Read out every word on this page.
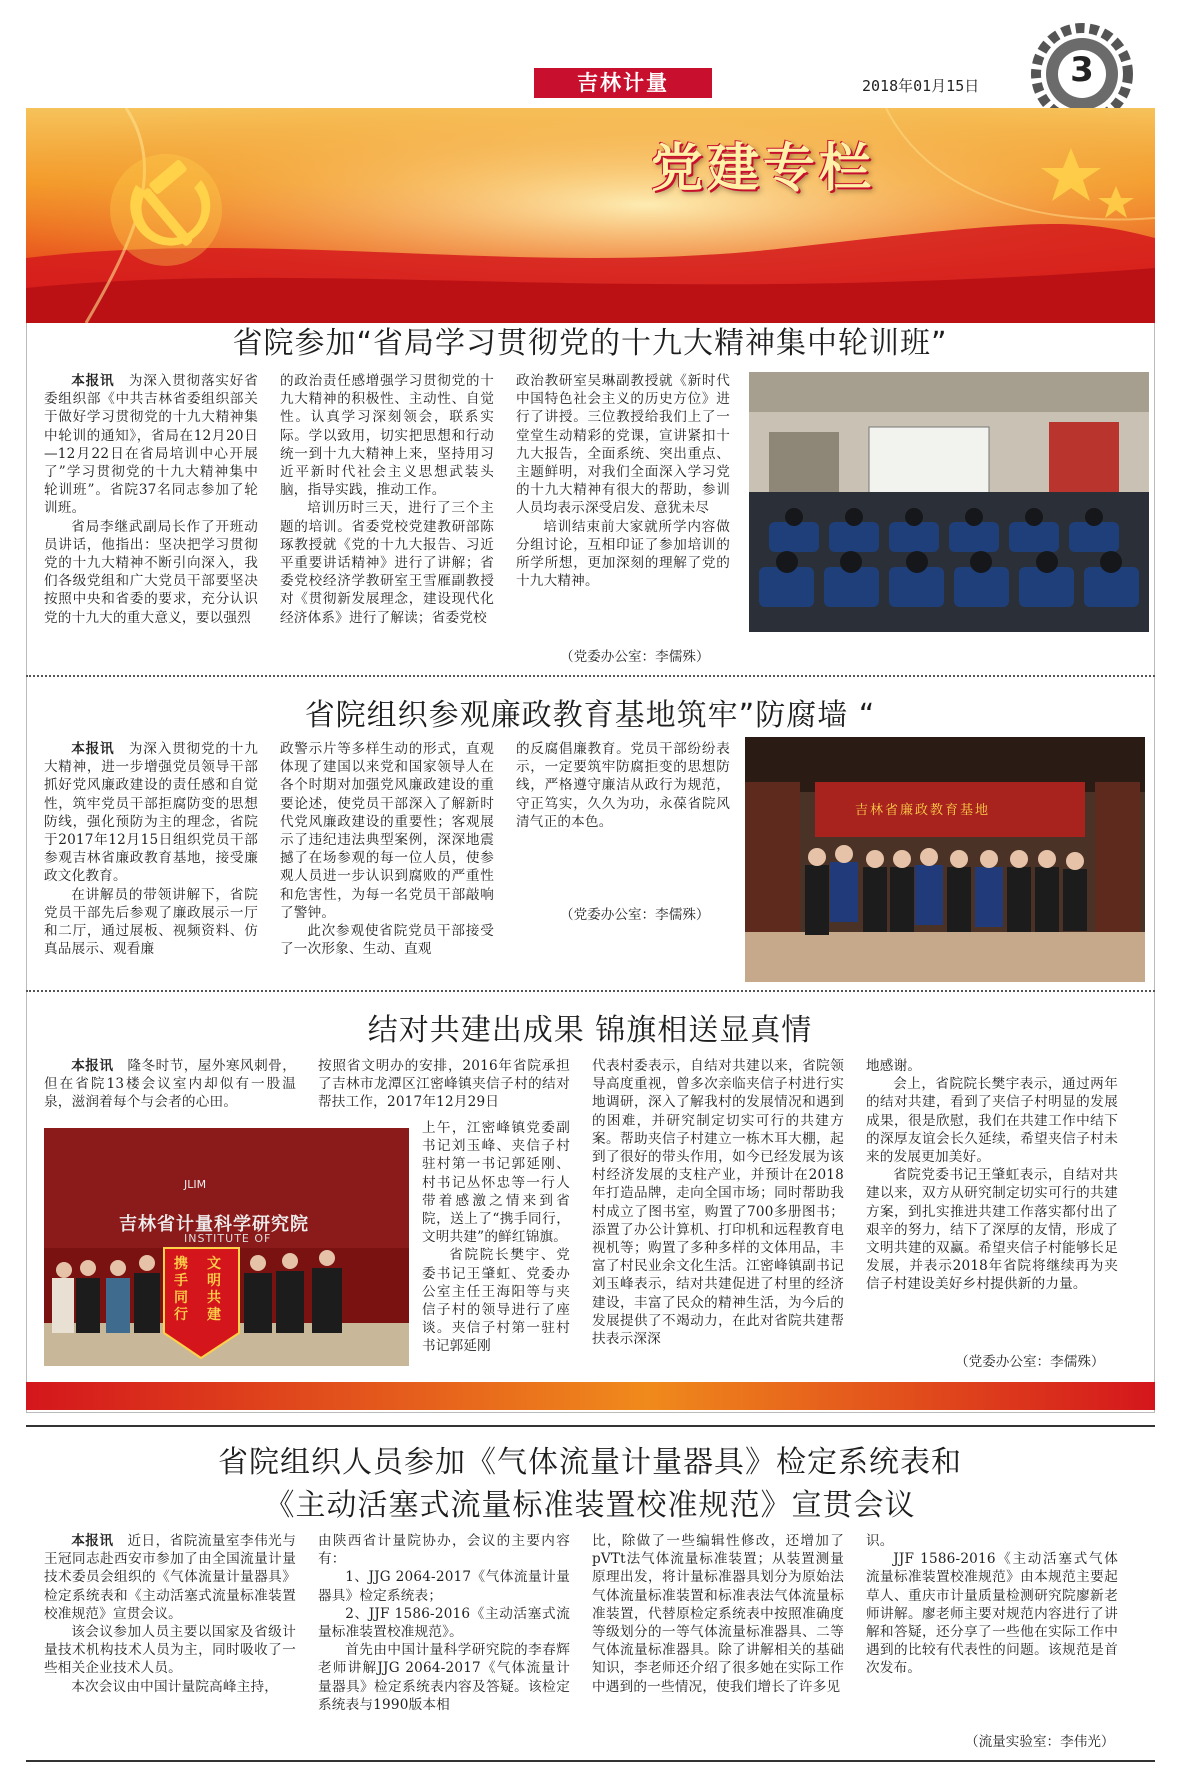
吉林计量	2018年01月15日	3
党建专栏
省院参加“省局学习贯彻党的十九大精神集中轮训班”

本报讯　 为深入贯彻落实好省委组织部《中共吉林省委组织部关于做好学习贯彻党的十九大精神集中轮训的通知》，省局在12月20日—12月22日在省局培训中心开展了”学习贯彻党的十九大精神集中轮训班”。省院37名同志参加了轮训班。

省局李继武副局长作了开班动员讲话，他指出：坚决把学习贯彻党的十九大精神不断引向深入，我们各级党组和广大党员干部要坚决按照中央和省委的要求，充分认识党的十九大的重大意义，要以强烈

的政治责任感增强学习贯彻党的十九大精神的积极性、主动性、自觉性。认真学习深刻领会，联系实际。学以致用，切实把思想和行动统一到十九大精神上来，坚持用习近平新时代社会主义思想武装头脑，指导实践，推动工作。

培训历时三天，进行了三个主题的培训。省委党校党建教研部陈琢教授就《党的十九大报告、习近平重要讲话精神》进行了讲解；省委党校经济学教研室王雪雁副教授对《贯彻新发展理念，建设现代化经济体系》进行了解读；省委党校

政治教研室吴琳副教授就《新时代中国特色社会主义的历史方位》进行了讲授。三位教授给我们上了一堂堂生动精彩的党课，宣讲紧扣十九大报告，全面系统、突出重点、主题鲜明，对我们全面深入学习党的十九大精神有很大的帮助，参训人员均表示深受启发、意犹未尽

培训结束前大家就所学内容做分组讨论，互相印证了参加培训的所学所想，更加深刻的理解了党的十九大精神。

（党委办公室：李儒殊）
省院组织参观廉政教育基地筑牢”防腐墙 “

本报讯　 为深入贯彻党的十九大精神，进一步增强党员领导干部抓好党风廉政建设的责任感和自觉性，筑牢党员干部拒腐防变的思想防线，强化预防为主的理念，省院于2017年12月15日组织党员干部参观吉林省廉政教育基地，接受廉政文化教育。

在讲解员的带领讲解下，省院党员干部先后参观了廉政展示一厅和二厅，通过展板、视频资料、仿真品展示、观看廉

政警示片等多样生动的形式，直观体现了建国以来党和国家领导人在各个时期对加强党风廉政建设的重要论述，使党员干部深入了解新时代党风廉政建设的重要性；客观展示了违纪违法典型案例，深深地震撼了在场参观的每一位人员，使参观人员进一步认识到腐败的严重性和危害性，为每一名党员干部敲响了警钟。

此次参观使省院党员干部接受了一次形象、生动、直观

的反腐倡廉教育。党员干部纷纷表示，一定要筑牢防腐拒变的思想防线，严格遵守廉洁从政行为规范，守正笃实，久久为功，永葆省院风清气正的本色。

（党委办公室：李儒殊）
吉林省廉政教育基地
结对共建出成果 锦旗相送显真情

本报讯　 隆冬时节，屋外寒风刺骨，但在省院13楼会议室内却似有一股温泉，滋润着每个与会者的心田。

按照省文明办的安排，2016年省院承担了吉林市龙潭区江密峰镇夹信子村的结对帮扶工作，2017年12月29日

JLIM
吉林省计量科学研究院
INSTITUTE OF
携手同行
文明共建

上午，江密峰镇党委副书记刘玉峰、夹信子村驻村第一书记郭延刚、村书记丛怀忠等一行人带着感激之情来到省院，送上了“携手同行，文明共建”的鲜红锦旗。

省院院长樊宇、党委书记王肇虹、党委办公室主任王海阳等与夹信子村的领导进行了座谈。夹信子村第一驻村书记郭延刚

代表村委表示，自结对共建以来，省院领导高度重视，曾多次亲临夹信子村进行实地调研，深入了解我村的发展情况和遇到的困难，并研究制定切实可行的共建方案。帮助夹信子村建立一栋木耳大棚，起到了很好的带头作用，如今已经发展为该村经济发展的支柱产业，并预计在2018年打造品牌，走向全国市场；同时帮助我村成立了图书室，购置了700多册图书；添置了办公计算机、打印机和远程教育电视机等；购置了多种多样的文体用品，丰富了村民业余文化生活。江密峰镇副书记刘玉峰表示，结对共建促进了村里的经济建设，丰富了民众的精神生活，为今后的发展提供了不竭动力，在此对省院共建帮扶表示深深

地感谢。

会上，省院院长樊宇表示，通过两年的结对共建，看到了夹信子村明显的发展成果，很是欣慰，我们在共建工作中结下的深厚友谊会长久延续，希望夹信子村未来的发展更加美好。

省院党委书记王肇虹表示，自结对共建以来，双方从研究制定切实可行的共建方案，到扎实推进共建工作落实都付出了艰辛的努力，结下了深厚的友情，形成了文明共建的双赢。希望夹信子村能够长足发展，并表示2018年省院将继续再为夹信子村建设美好乡村提供新的力量。

（党委办公室：李儒殊）
省院组织人员参加《气体流量计量器具》检定系统表和
《主动活塞式流量标准装置校准规范》宣贯会议

本报讯　 近日，省院流量室李伟光与王冠同志赴西安市参加了由全国流量计量技术委员会组织的《气体流量计量器具》检定系统表和《主动活塞式流量标准装置校准规范》宣贯会议。

该会议参加人员主要以国家及省级计量技术机构技术人员为主，同时吸收了一些相关企业技术人员。

本次会议由中国计量院高峰主持，

由陕西省计量院协办，会议的主要内容有：

1、JJG 2064-2017《气体流量计量器具》检定系统表；

2、JJF 1586-2016《主动活塞式流量标准装置校准规范》。

首先由中国计量科学研究院的李春辉老师讲解JJG 2064-2017《气体流量计量器具》检定系统表内容及答疑。该检定系统表与1990版本相

比，除做了一些编辑性修改，还增加了pVTt法气体流量标准装置；从装置测量原理出发，将计量标准器具划分为原始法气体流量标准装置和标准表法气体流量标准装置，代替原检定系统表中按照准确度等级划分的一等气体流量标准器具、二等气体流量标准器具。除了讲解相关的基础知识，李老师还介绍了很多她在实际工作中遇到的一些情况，使我们增长了许多见

识。

JJF 1586-2016《主动活塞式气体流量标准装置校准规范》由本规范主要起草人、重庆市计量质量检测研究院廖新老师讲解。廖老师主要对规范内容进行了讲解和答疑，还分享了一些他在实际工作中遇到的比较有代表性的问题。该规范是首次发布。

（流量实验室：李伟光）
